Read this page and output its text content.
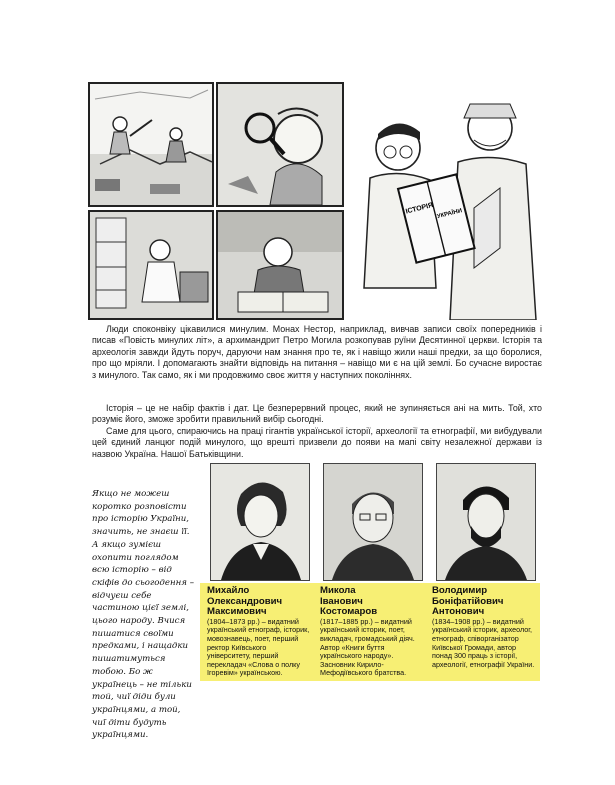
ІСТОРІЯ УКРАЇНИ

Люди споконвіку цікавилися минулим. Монах Нестор, наприклад, вивчав записи своїх попередників і писав «Повість минулих літ», а архимандрит Петро Могила розкопував руїни Десятинної церкви. Історія та археологія завжди йдуть поруч, даруючи нам знання про те, як і навіщо жили наші предки, за що боролися, про що мріяли. І допомагають знайти відповідь на питання – навіщо ми є на цій землі. Бо сучасне виростає з минулого. Так само, як і ми продовжимо своє життя у наступних поколіннях.

Історія – це не набір фактів і дат. Це безперервний процес, який не зупиняється ані на мить. Той, хто розуміє його, зможе зробити правильний вибір сьогодні.

Саме для цього, спираючись на праці гігантів української історії, археології та етнографії, ми вибудували цей єдиний ланцюг подій минулого, що врешті призвели до появи на мапі світу незалежної держави із назвою Україна. Нашої Батьківщини.

Якщо не можеш коротко розповісти про історію України, значить, не знаєш її. А якщо зумієш охопити поглядом всю історію – від скіфів до сьогодення – відчуєш себе частиною цієї землі, цього народу. Вчися пишатися своїми предками, і нащадки пишатимуться тобою. Бо ж українець – не тільки той, чиї діди були українцями, а той, чиї діти будуть українцями.
Михайло
Олександрович
Максимович
(1804–1873 рр.) – видатний український етнограф, історик, мовознавець, поет, перший ректор Київського університету, перший перекладач «Слова о полку Ігоревім» українською.
Микола
Іванович
Костомаров
(1817–1885 рр.) – видатний український історик, поет, викладач, громадський діяч. Автор «Книги буття українського народу». Засновник Кирило-Мефодіївського братства.
Володимир
Боніфатійович
Антонович
(1834–1908 рр.) – видатний український історик, археолог, етнограф, співорганізатор Київської Громади, автор понад 300 праць з історії, археології, етнографії України.
